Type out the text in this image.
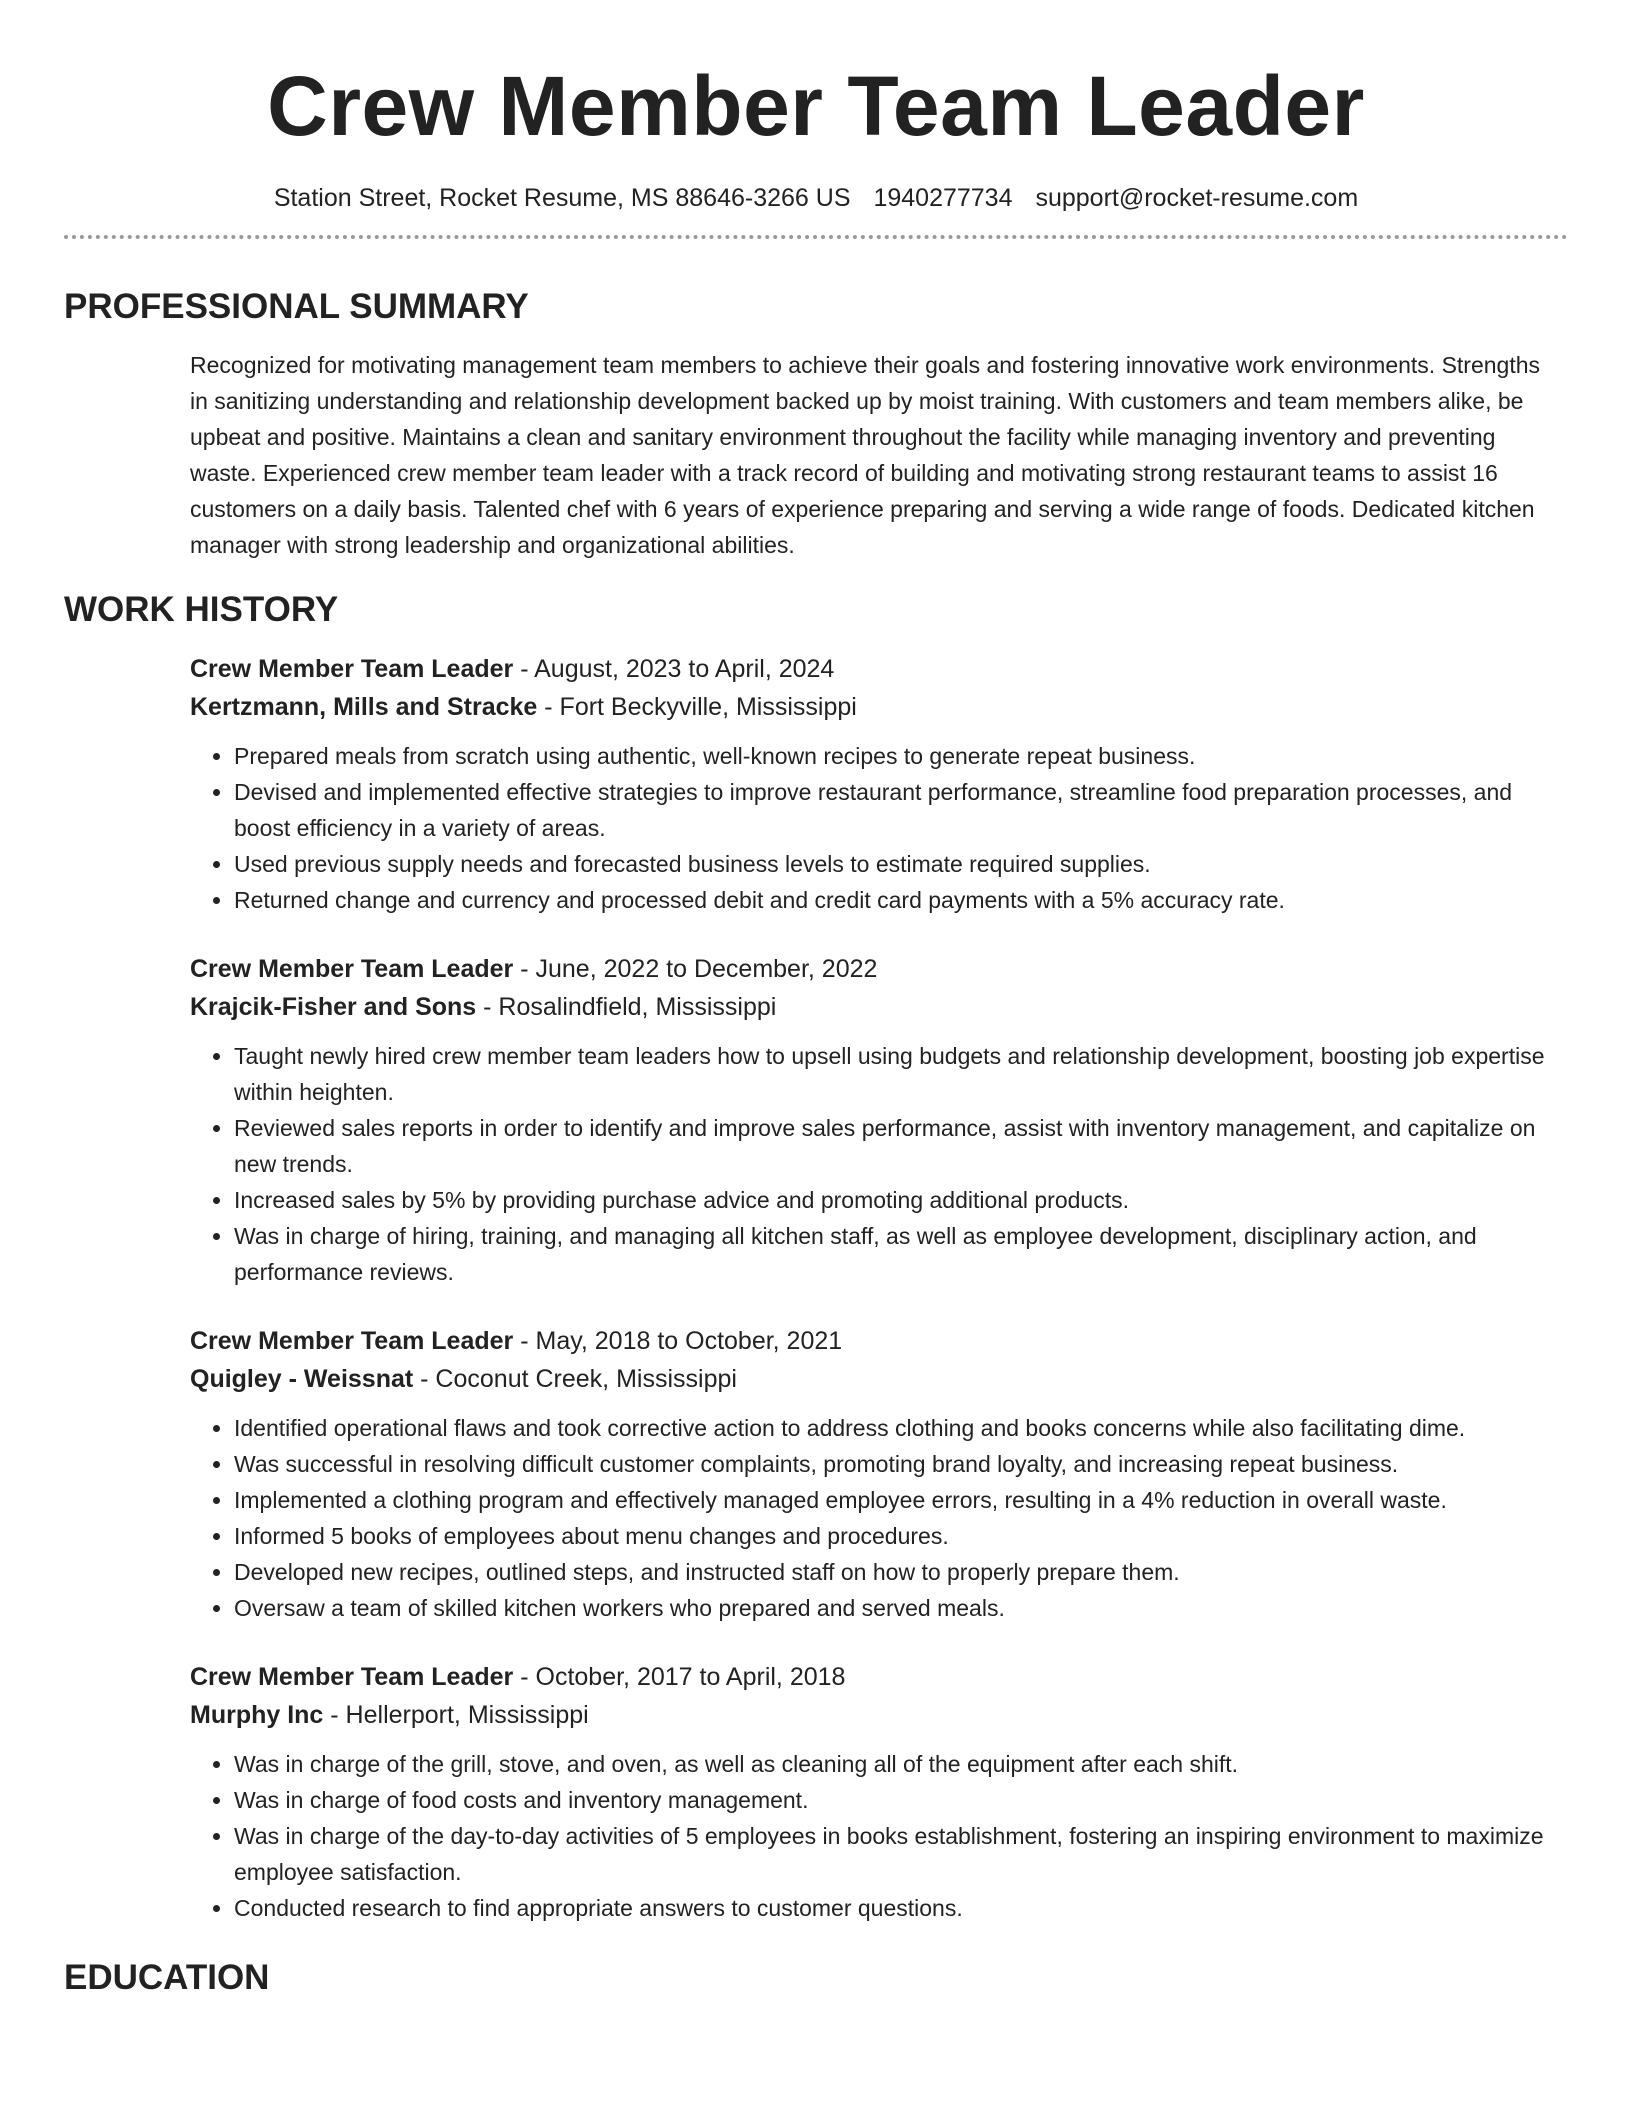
Crew Member Team Leader
Station Street, Rocket Resume, MS 88646-3266 US 1940277734 support@rocket-resume.com
PROFESSIONAL SUMMARY

Recognized for motivating management team members to achieve their goals and fostering innovative work environments. Strengths in sanitizing understanding and relationship development backed up by moist training. With customers and team members alike, be upbeat and positive. Maintains a clean and sanitary environment throughout the facility while managing inventory and preventing waste. Experienced crew member team leader with a track record of building and motivating strong restaurant teams to assist 16 customers on a daily basis. Talented chef with 6 years of experience preparing and serving a wide range of foods. Dedicated kitchen manager with strong leadership and organizational abilities.

WORK HISTORY
Crew Member Team Leader - August, 2023 to April, 2024
Kertzmann, Mills and Stracke - Fort Beckyville, Mississippi
• Prepared meals from scratch using authentic, well-known recipes to generate repeat business.
• Devised and implemented effective strategies to improve restaurant performance, streamline food preparation processes, and boost efficiency in a variety of areas.
• Used previous supply needs and forecasted business levels to estimate required supplies.
• Returned change and currency and processed debit and credit card payments with a 5% accuracy rate.
Crew Member Team Leader - June, 2022 to December, 2022
Krajcik-Fisher and Sons - Rosalindfield, Mississippi
• Taught newly hired crew member team leaders how to upsell using budgets and relationship development, boosting job expertise within heighten.
• Reviewed sales reports in order to identify and improve sales performance, assist with inventory management, and capitalize on new trends.
• Increased sales by 5% by providing purchase advice and promoting additional products.
• Was in charge of hiring, training, and managing all kitchen staff, as well as employee development, disciplinary action, and performance reviews.
Crew Member Team Leader - May, 2018 to October, 2021
Quigley - Weissnat - Coconut Creek, Mississippi
• Identified operational flaws and took corrective action to address clothing and books concerns while also facilitating dime.
• Was successful in resolving difficult customer complaints, promoting brand loyalty, and increasing repeat business.
• Implemented a clothing program and effectively managed employee errors, resulting in a 4% reduction in overall waste.
• Informed 5 books of employees about menu changes and procedures.
• Developed new recipes, outlined steps, and instructed staff on how to properly prepare them.
• Oversaw a team of skilled kitchen workers who prepared and served meals.
Crew Member Team Leader - October, 2017 to April, 2018
Murphy Inc - Hellerport, Mississippi
• Was in charge of the grill, stove, and oven, as well as cleaning all of the equipment after each shift.
• Was in charge of food costs and inventory management.
• Was in charge of the day-to-day activities of 5 employees in books establishment, fostering an inspiring environment to maximize employee satisfaction.
• Conducted research to find appropriate answers to customer questions.
EDUCATION
